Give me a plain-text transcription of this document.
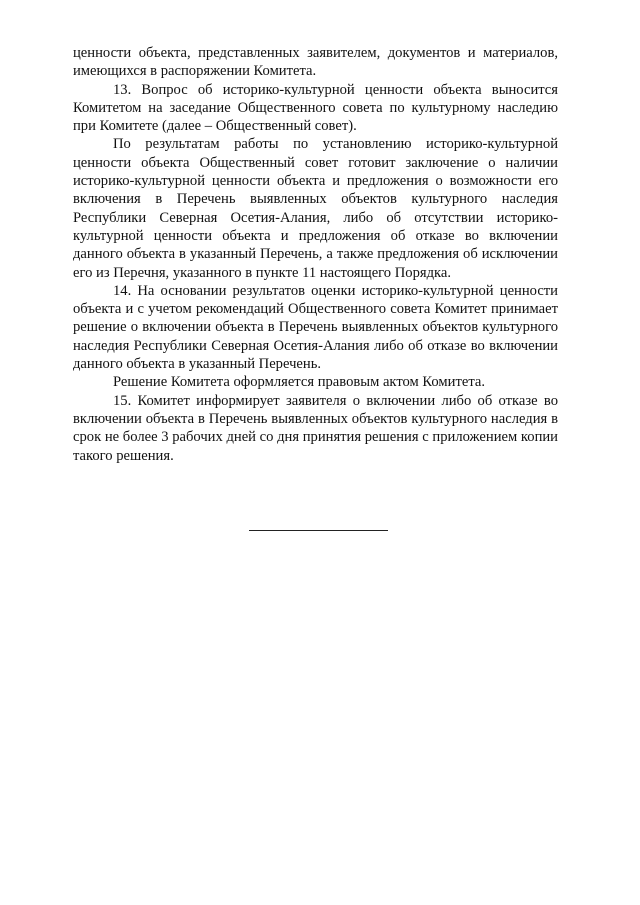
ценности объекта, представленных заявителем, документов и материалов, имеющихся в распоряжении Комитета.

13. Вопрос об историко-культурной ценности объекта выносится Комитетом на заседание Общественного совета по культурному наследию при Комитете (далее – Общественный совет).

По результатам работы по установлению историко-культурной ценности объекта Общественный совет готовит заключение о наличии историко-культурной ценности объекта и предложения о возможности его включения в Перечень выявленных объектов культурного наследия Республики Северная Осетия-Алания, либо об отсутствии историко-культурной ценности объекта и предложения об отказе во включении данного объекта в указанный Перечень, а также предложения об исключении его из Перечня, указанного в пункте 11 настоящего Порядка.

14. На основании результатов оценки историко-культурной ценности объекта и с учетом рекомендаций Общественного совета Комитет принимает решение о включении объекта в Перечень выявленных объектов культурного наследия Республики Северная Осетия-Алания либо об отказе во включении данного объекта в указанный Перечень.

Решение Комитета оформляется правовым актом Комитета.

15. Комитет информирует заявителя о включении либо об отказе во включении объекта в Перечень выявленных объектов культурного наследия в срок не более 3 рабочих дней со дня принятия решения с приложением копии такого решения.
